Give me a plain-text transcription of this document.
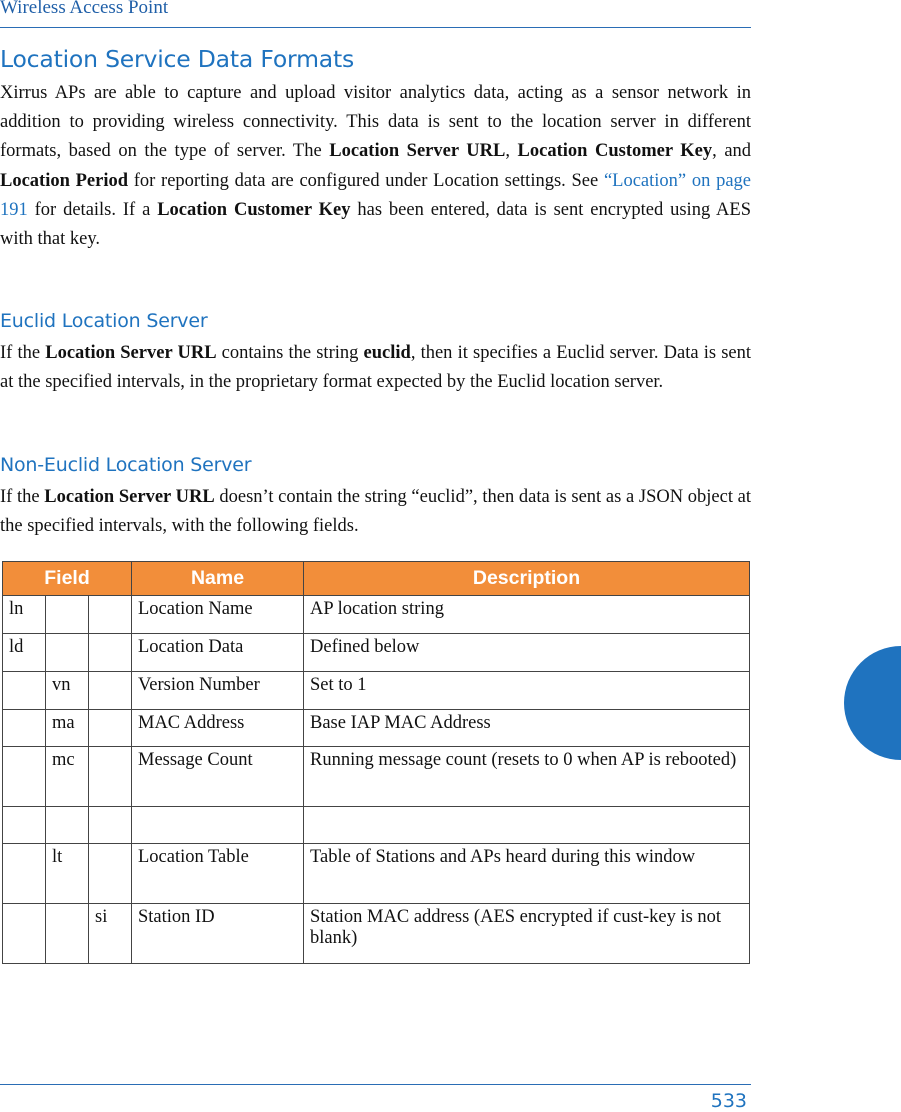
Wireless Access Point
Location Service Data Formats

Xirrus APs are able to capture and upload visitor analytics data, acting as a sensor network in addition to providing wireless connectivity. This data is sent to the location server in different formats, based on the type of server. The Location Server URL, Location Customer Key, and Location Period for reporting data are configured under Location settings. See “Location” on page 191 for details. If a Location Customer Key has been entered, data is sent encrypted using AES with that key.

Euclid Location Server

If the Location Server URL contains the string euclid, then it specifies a Euclid server. Data is sent at the specified intervals, in the proprietary format expected by the Euclid location server.

Non-Euclid Location Server

If the Location Server URL doesn’t contain the string “euclid”, then data is sent as a JSON object at the specified intervals, with the following fields.

Field			Name	Description
ln			Location Name	AP location string
ld			Location Data	Defined below
	vn		Version Number	Set to 1
	ma		MAC Address	Base IAP MAC Address
	mc		Message Count	Running message count (resets to 0 when AP is rebooted)

	lt		Location Table	Table of Stations and APs heard during this window
		si	Station ID	Station MAC address (AES encrypted if cust-key is not blank)
533
